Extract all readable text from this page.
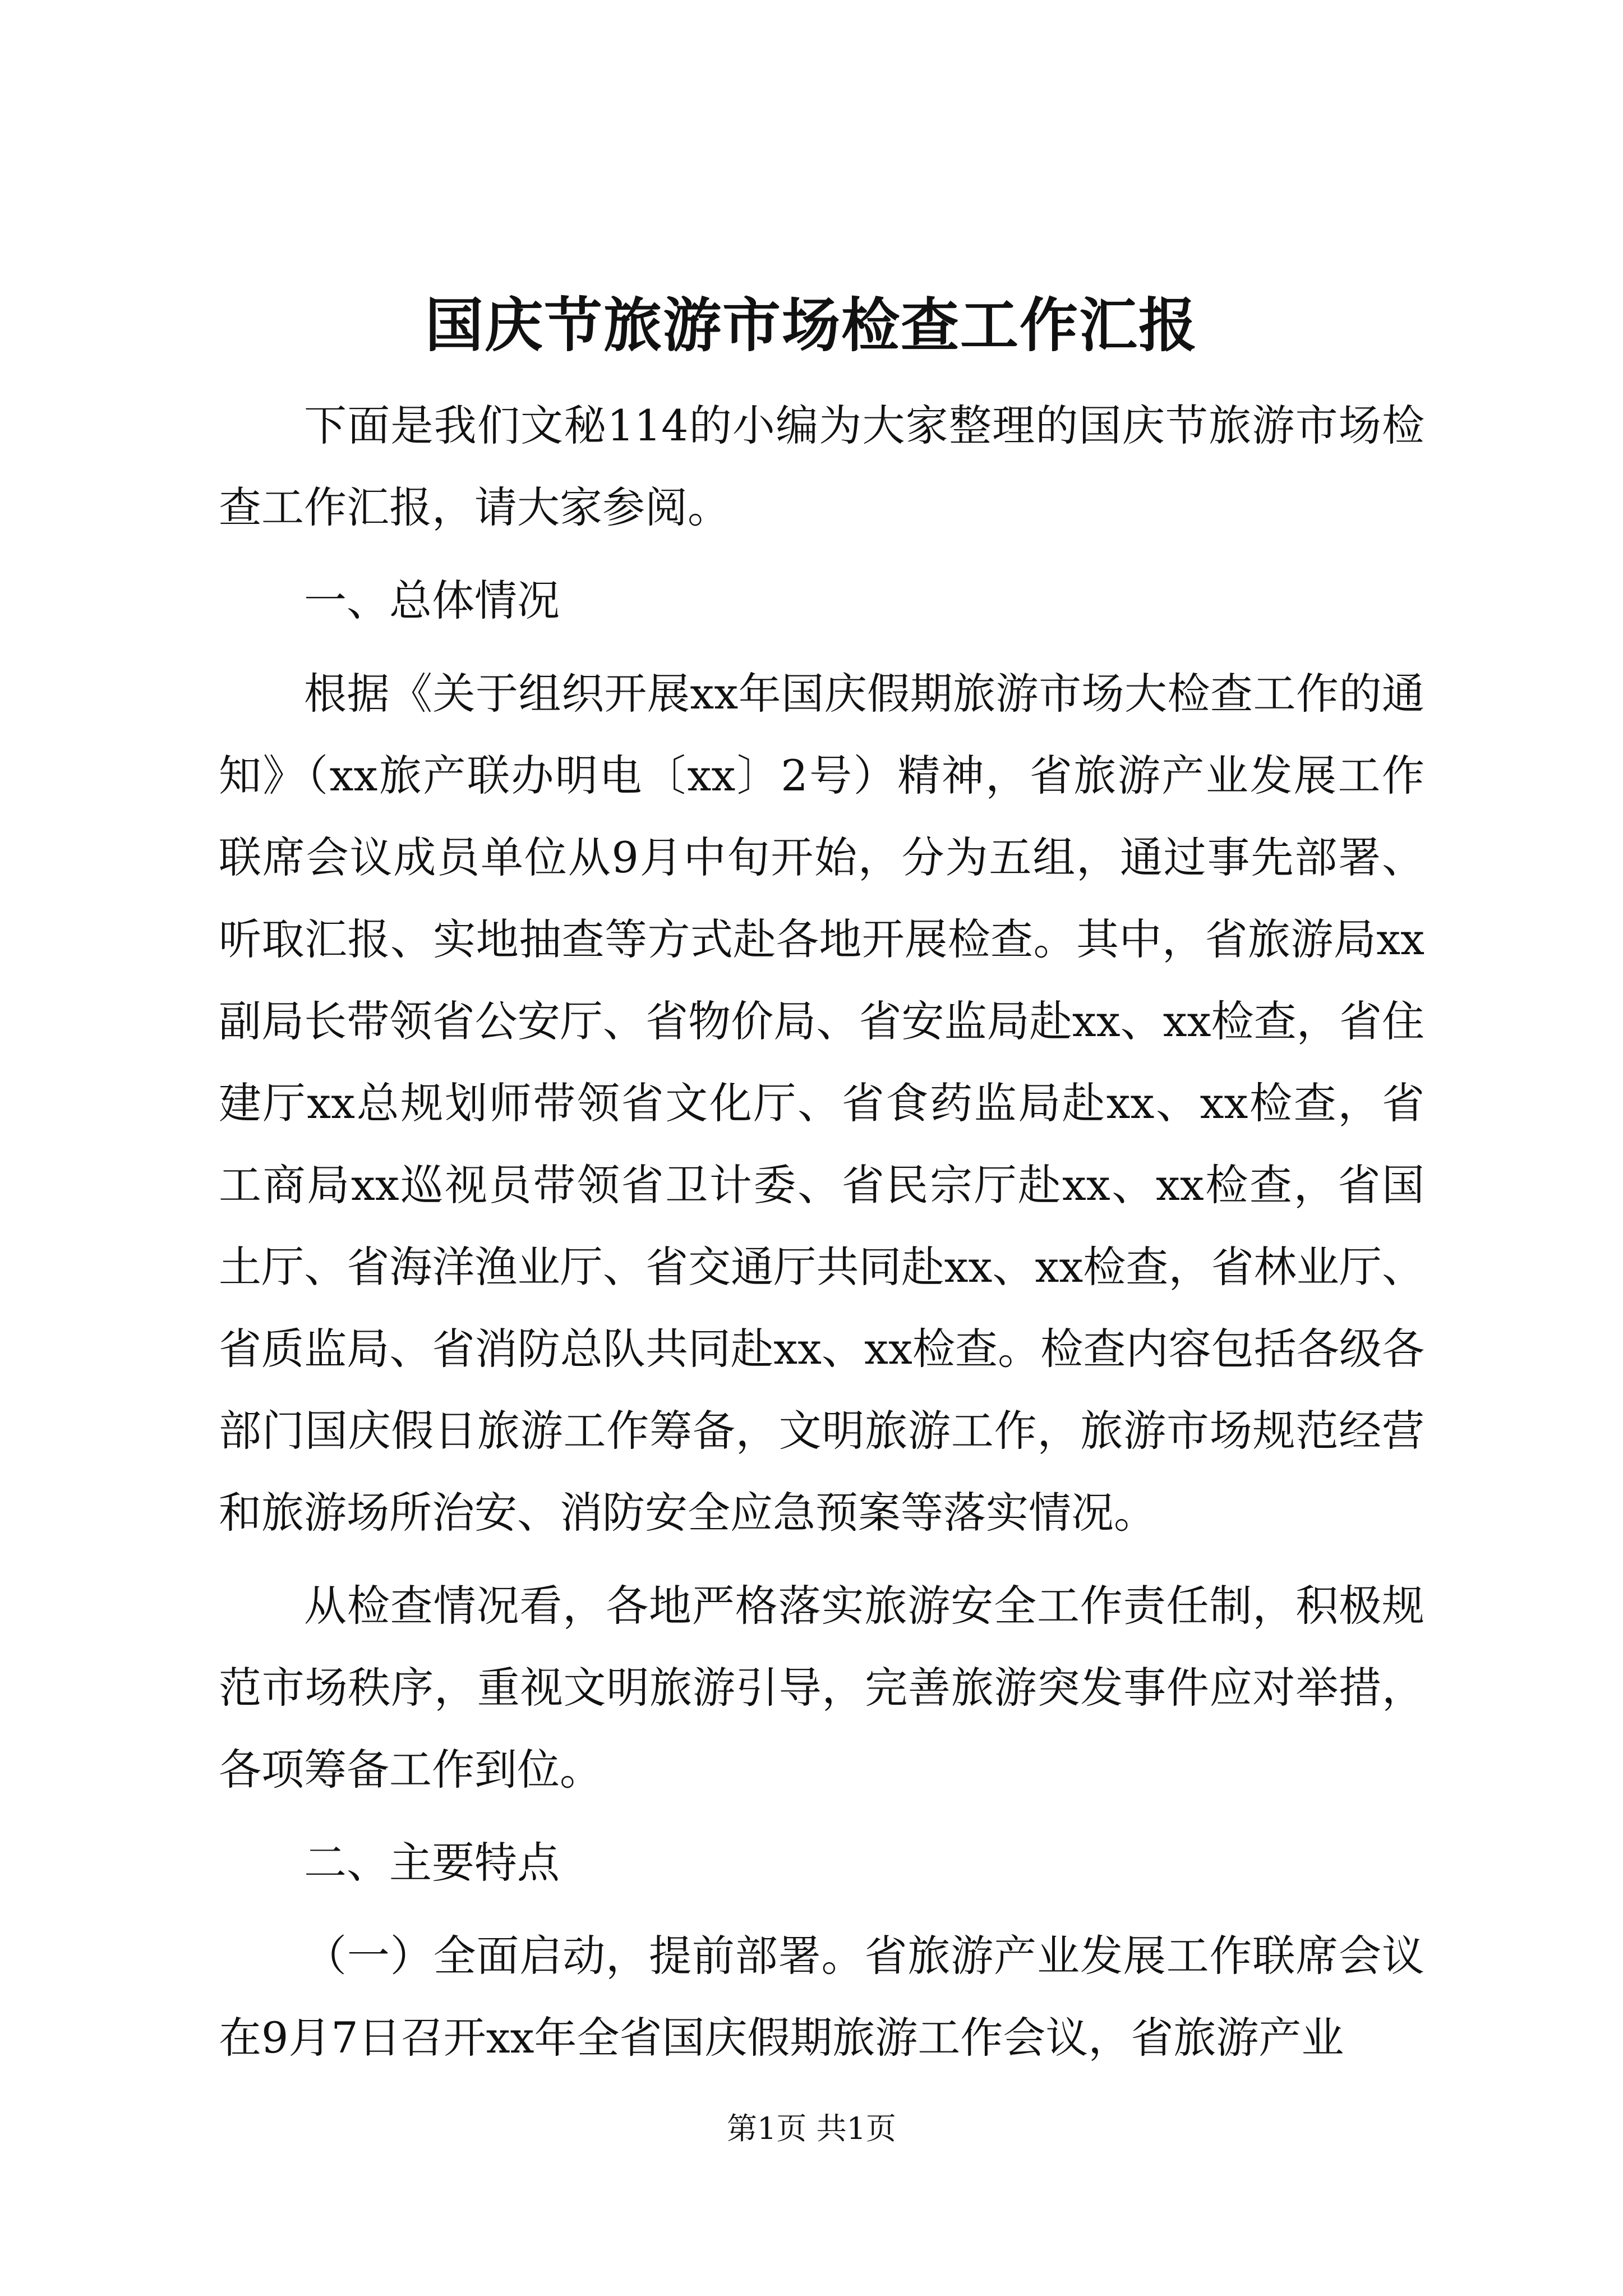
国庆节旅游市场检查工作汇报

下面是我们文秘114的小编为大家整理的国庆节旅游市场检查工作汇报，请大家参阅。

一、总体情况

根据《关于组织开展xx年国庆假期旅游市场大检查工作的通知》（xx旅产联办明电〔xx〕2号）精神，省旅游产业发展工作联席会议成员单位从9月中旬开始，分为五组，通过事先部署、听取汇报、实地抽查等方式赴各地开展检查。其中，省旅游局xx副局长带领省公安厅、省物价局、省安监局赴xx、xx检查，省住建厅xx总规划师带领省文化厅、省食药监局赴xx、xx检查，省工商局xx巡视员带领省卫计委、省民宗厅赴xx、xx检查，省国土厅、省海洋渔业厅、省交通厅共同赴xx、xx检查，省林业厅、省质监局、省消防总队共同赴xx、xx检查。检查内容包括各级各部门国庆假日旅游工作筹备，文明旅游工作，旅游市场规范经营和旅游场所治安、消防安全应急预案等落实情况。

从检查情况看，各地严格落实旅游安全工作责任制，积极规范市场秩序，重视文明旅游引导，完善旅游突发事件应对举措，各项筹备工作到位。

二、主要特点

（一）全面启动，提前部署。省旅游产业发展工作联席会议在9月7日召开xx年全省国庆假期旅游工作会议，省旅游产业

第1页 共1页
